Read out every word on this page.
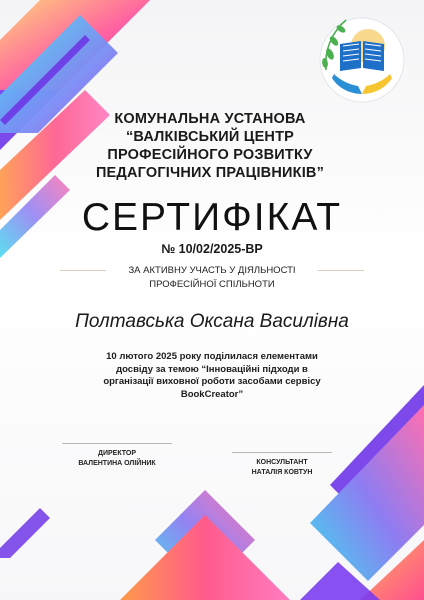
КОМУНАЛЬНА УСТАНОВА
“ВАЛКІВСЬКИЙ ЦЕНТР
ПРОФЕСІЙНОГО РОЗВИТКУ
ПЕДАГОГІЧНИХ ПРАЦІВНИКІВ”
СЕРТИФІКАТ
№ 10/02/2025-ВР
ЗА АКТИВНУ УЧАСТЬ У ДІЯЛЬНОСТІ
ПРОФЕСІЙНОЇ СПІЛЬНОТИ
Полтавська Оксана Василівна
10 лютого 2025 року поділилася елементами
досвіду за темою “Інноваційні підходи в
організації виховної роботи засобами сервісу
BookCreator”
ДИРЕКТОР
ВАЛЕНТИНА ОЛІЙНИК	КОНСУЛЬТАНТ
НАТАЛІЯ КОВТУН
